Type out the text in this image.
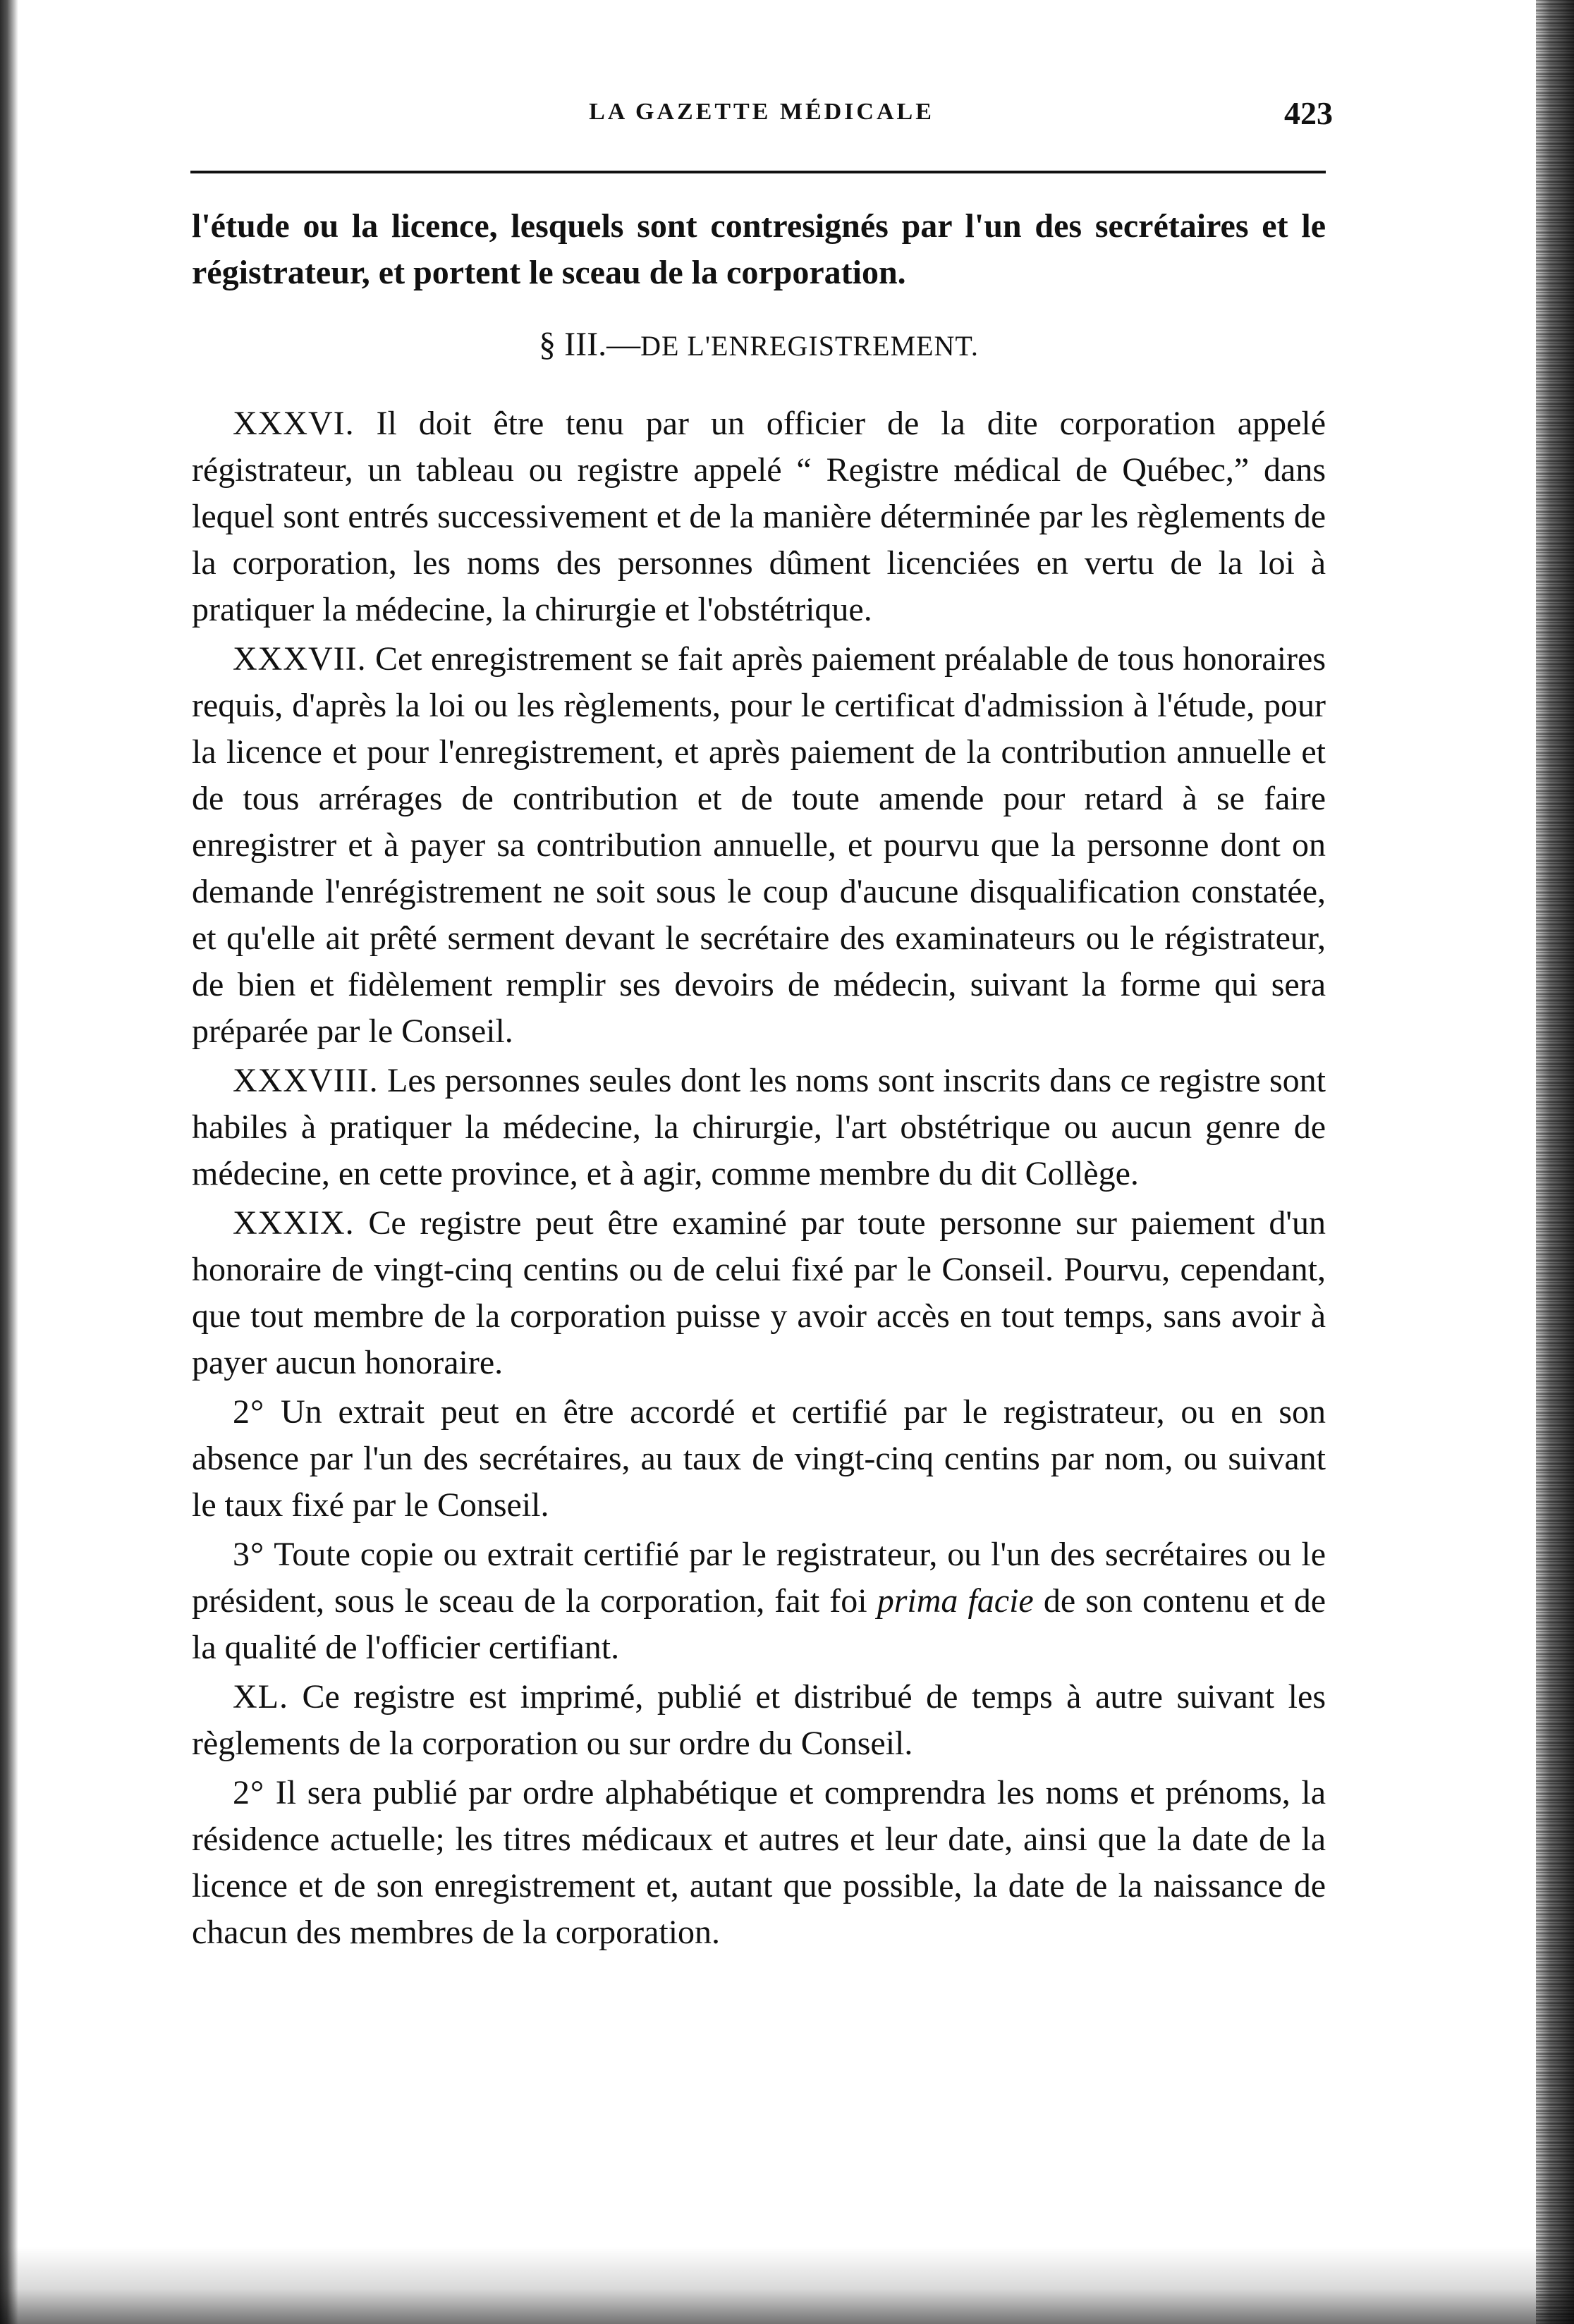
LA GAZETTE MÉDICALE	423

l'étude ou la licence, lesquels sont contresignés par l'un des secrétaires et le régistrateur, et portent le sceau de la corporation.

§ III.—DE L'ENREGISTREMENT.

XXXVI. Il doit être tenu par un officier de la dite corporation appelé régistrateur, un tableau ou registre appelé “ Registre médical de Québec,” dans lequel sont entrés successivement et de la manière déterminée par les règlements de la corporation, les noms des personnes dûment licenciées en vertu de la loi à pratiquer la médecine, la chirurgie et l'obstétrique.

XXXVII. Cet enregistrement se fait après paiement préalable de tous honoraires requis, d'après la loi ou les règlements, pour le certificat d'admission à l'étude, pour la licence et pour l'enregistrement, et après paiement de la contribution annuelle et de tous arrérages de contribution et de toute amende pour retard à se faire enregistrer et à payer sa contribution annuelle, et pourvu que la personne dont on demande l'enrégistrement ne soit sous le coup d'aucune disqualification constatée, et qu'elle ait prêté serment devant le secrétaire des examinateurs ou le régistrateur, de bien et fidèlement remplir ses devoirs de médecin, suivant la forme qui sera préparée par le Conseil.

XXXVIII. Les personnes seules dont les noms sont inscrits dans ce registre sont habiles à pratiquer la médecine, la chirurgie, l'art obstétrique ou aucun genre de médecine, en cette province, et à agir, comme membre du dit Collège.

XXXIX. Ce registre peut être examiné par toute personne sur paiement d'un honoraire de vingt-cinq centins ou de celui fixé par le Conseil. Pourvu, cependant, que tout membre de la corporation puisse y avoir accès en tout temps, sans avoir à payer aucun honoraire.

2° Un extrait peut en être accordé et certifié par le registrateur, ou en son absence par l'un des secrétaires, au taux de vingt-cinq centins par nom, ou suivant le taux fixé par le Conseil.

3° Toute copie ou extrait certifié par le registrateur, ou l'un des secrétaires ou le président, sous le sceau de la corporation, fait foi prima facie de son contenu et de la qualité de l'officier certifiant.

XL. Ce registre est imprimé, publié et distribué de temps à autre suivant les règlements de la corporation ou sur ordre du Conseil.

2° Il sera publié par ordre alphabétique et comprendra les noms et prénoms, la résidence actuelle; les titres médicaux et autres et leur date, ainsi que la date de la licence et de son enregistrement et, autant que possible, la date de la naissance de chacun des membres de la corporation.
